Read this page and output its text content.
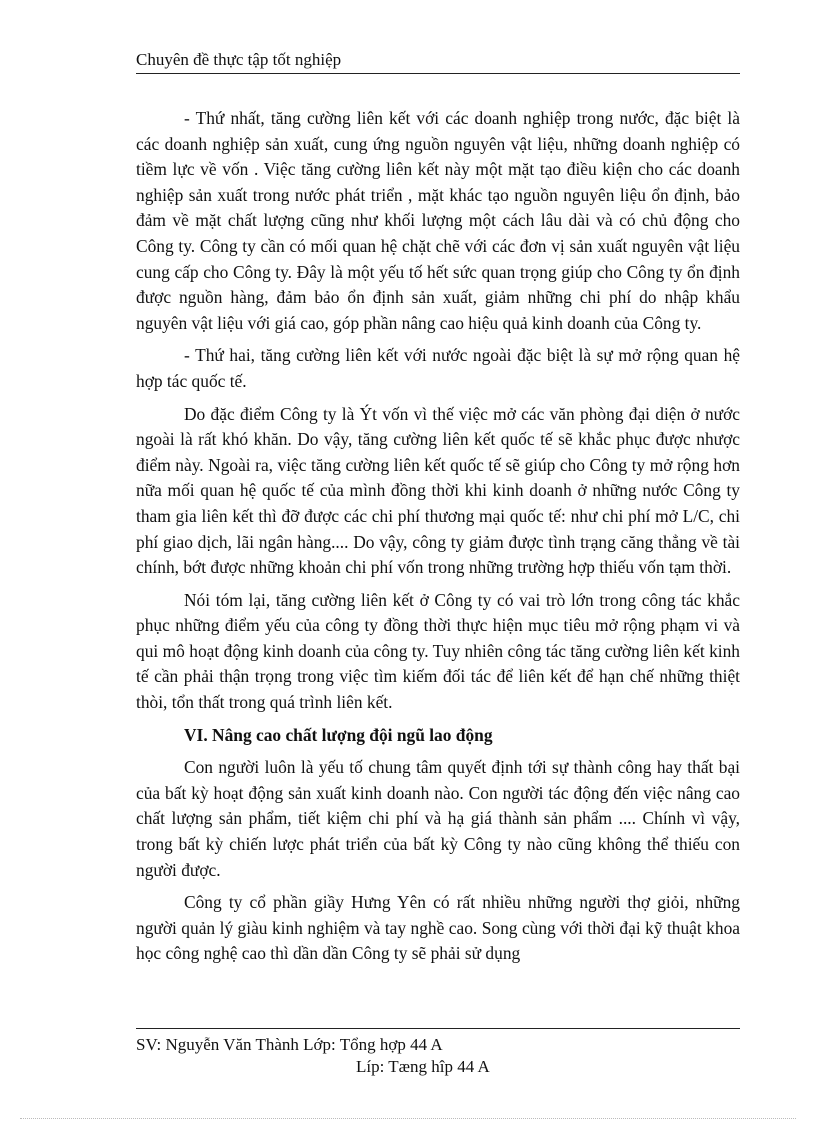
Chuyên đề thực tập tốt nghiệp

- Thứ nhất, tăng cường liên kết với các doanh nghiệp trong nước, đặc biệt là các doanh nghiệp sản xuất, cung ứng nguồn nguyên vật liệu, những doanh nghiệp có tiềm lực về vốn . Việc tăng cường liên kết này một mặt tạo điều kiện cho các doanh nghiệp sản xuất trong nước phát triển , mặt khác tạo nguồn nguyên liệu ổn định, bảo đảm về mặt chất lượng cũng như khối lượng một cách lâu dài và có chủ động cho Công ty. Công ty cần có mối quan hệ chặt chẽ với các đơn vị sản xuất nguyên vật liệu cung cấp cho Công ty. Đây là một yếu tố hết sức quan trọng giúp cho Công ty ổn định được nguồn hàng, đảm bảo ổn định sản xuất, giảm những chi phí do nhập khẩu nguyên vật liệu với giá cao, góp phần nâng cao hiệu quả kinh doanh của Công ty.

- Thứ hai, tăng cường liên kết với nước ngoài đặc biệt là sự mở rộng quan hệ hợp tác quốc tế.

Do đặc điểm Công ty là Ýt vốn vì thế việc mở các văn phòng đại diện ở nước ngoài là rất khó khăn. Do vậy, tăng cường liên kết quốc tế sẽ khắc phục được nhược điểm này. Ngoài ra, việc tăng cường liên kết quốc tế sẽ giúp cho Công ty mở rộng hơn nữa mối quan hệ quốc tế của mình đồng thời khi kinh doanh ở những nước Công ty tham gia liên kết thì đỡ được các chi phí thương mại quốc tế: như chi phí mở L/C, chi phí giao dịch, lãi ngân hàng.... Do vậy, công ty giảm được tình trạng căng thẳng về tài chính, bớt được những khoản chi phí vốn trong những trường hợp thiếu vốn tạm thời.

Nói tóm lại, tăng cường liên kết ở Công ty có vai trò lớn trong công tác khắc phục những điểm yếu của công ty đồng thời thực hiện mục tiêu mở rộng phạm vi và qui mô hoạt động kinh doanh của công ty. Tuy nhiên công tác tăng cường liên kết kinh tế cần phải thận trọng trong việc tìm kiếm đối tác để liên kết để hạn chế những thiệt thòi, tổn thất trong quá trình liên kết.

VI. Nâng cao chất lượng đội ngũ lao động

Con người luôn là yếu tố chung tâm quyết định tới sự thành công hay thất bại của bất kỳ hoạt động sản xuất kinh doanh nào. Con người tác động đến việc nâng cao chất lượng sản phẩm, tiết kiệm chi phí và hạ giá thành sản phẩm .... Chính vì vậy, trong bất kỳ chiến lược phát triển của bất kỳ Công ty nào cũng không thể thiếu con người được.

Công ty cổ phần giầy Hưng Yên có rất nhiều những người thợ giỏi, những người quản lý giàu kinh nghiệm và tay nghề cao. Song cùng với thời đại kỹ thuật khoa học công nghệ cao thì dần dần Công ty sẽ phải sử dụng

SV: Nguyễn Văn Thành Lớp: Tổng hợp 44 A
Líp: Tæng hîp 44 A
